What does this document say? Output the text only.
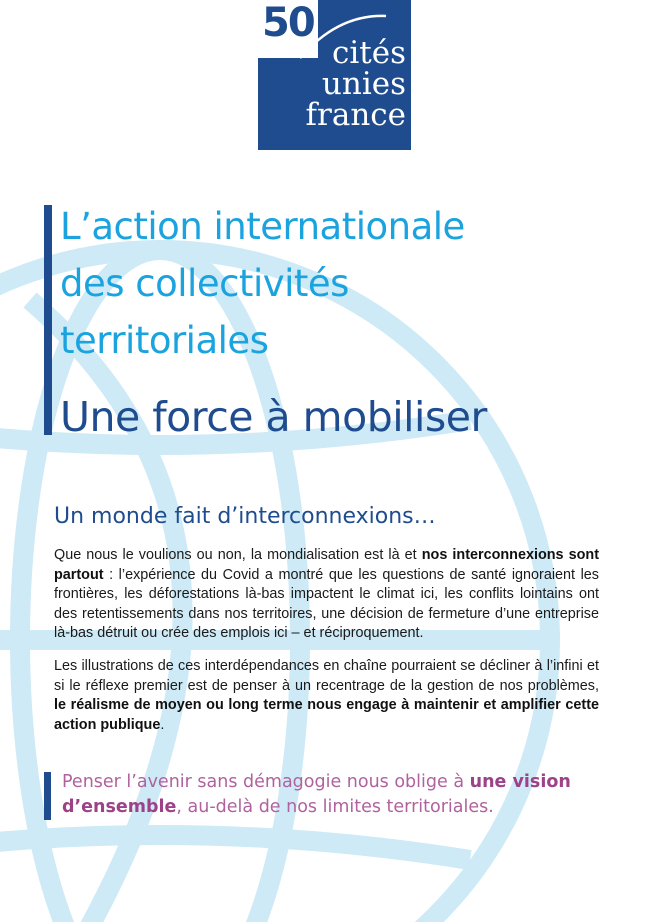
50
cités
unies
france
L’action internationale
des collectivités
territoriales
Une force à mobiliser
Un monde fait d’interconnexions…
Que nous le voulions ou non, la mondialisation est là et nos interconnexions sont partout : l’expérience du Covid a montré que les questions de santé ignoraient les frontières, les déforestations là-bas impactent le climat ici, les conflits lointains ont des retentissements dans nos territoires, une décision de fermeture d’une entreprise là-bas détruit ou crée des emplois ici – et réciproquement.
Les illustrations de ces interdépendances en chaîne pourraient se décliner à l’infini et si le réflexe premier est de penser à un recentrage de la gestion de nos problèmes, le réalisme de moyen ou long terme nous engage à maintenir et amplifier cette action publique.
Penser l’avenir sans démagogie nous oblige à une vision d’ensemble, au-delà de nos limites territoriales.
